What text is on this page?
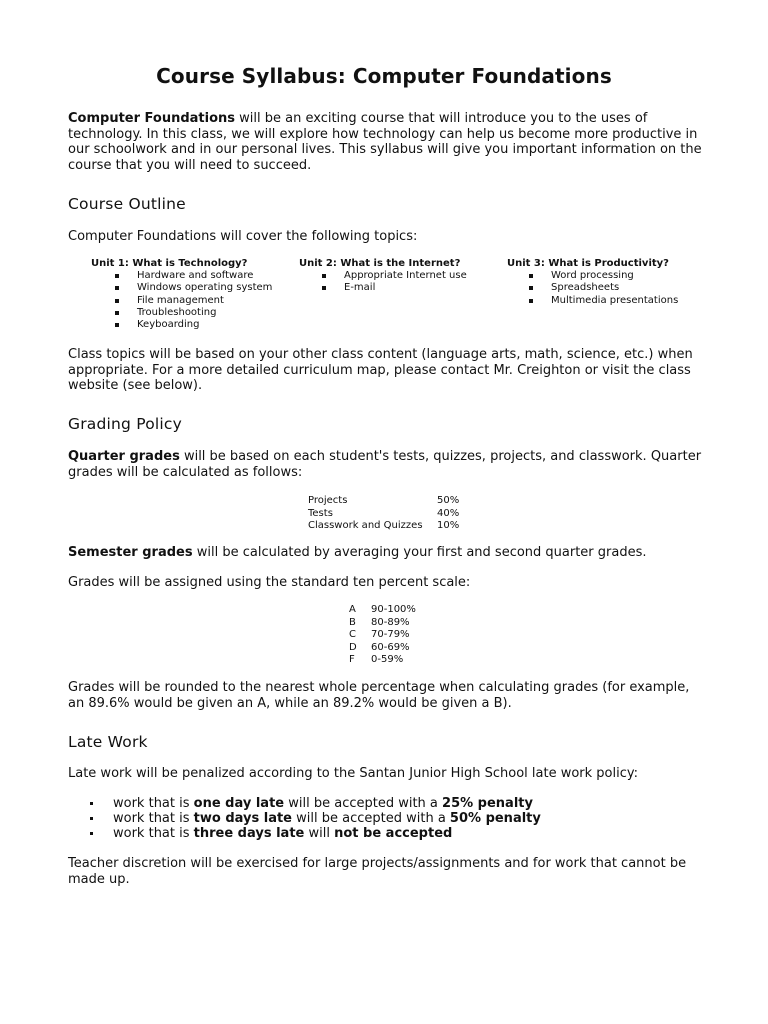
Course Syllabus: Computer Foundations

Computer Foundations will be an exciting course that will introduce you to the uses of technology. In this class, we will explore how technology can help us become more productive in our schoolwork and in our personal lives. This syllabus will give you important information on the course that you will need to succeed.

Course Outline

Computer Foundations will cover the following topics:

Unit 1: What is Technology?
Hardware and software
Windows operating system
File management
Troubleshooting
Keyboarding
Unit 2: What is the Internet?
Appropriate Internet use
E-mail
Unit 3: What is Productivity?
Word processing
Spreadsheets
Multimedia presentations

Class topics will be based on your other class content (language arts, math, science, etc.) when appropriate. For a more detailed curriculum map, please contact Mr. Creighton or visit the class website (see below).

Grading Policy

Quarter grades will be based on each student's tests, quizzes, projects, and classwork. Quarter grades will be calculated as follows:

Projects	50%
Tests	40%
Classwork and Quizzes	10%

Semester grades will be calculated by averaging your first and second quarter grades.

Grades will be assigned using the standard ten percent scale:

A	90-100%
B	80-89%
C	70-79%
D	60-69%
F	0-59%

Grades will be rounded to the nearest whole percentage when calculating grades (for example, an 89.6% would be given an A, while an 89.2% would be given a B).

Late Work

Late work will be penalized according to the Santan Junior High School late work policy:

work that is one day late will be accepted with a 25% penalty
work that is two days late will be accepted with a 50% penalty
work that is three days late will not be accepted

Teacher discretion will be exercised for large projects/assignments and for work that cannot be made up.
